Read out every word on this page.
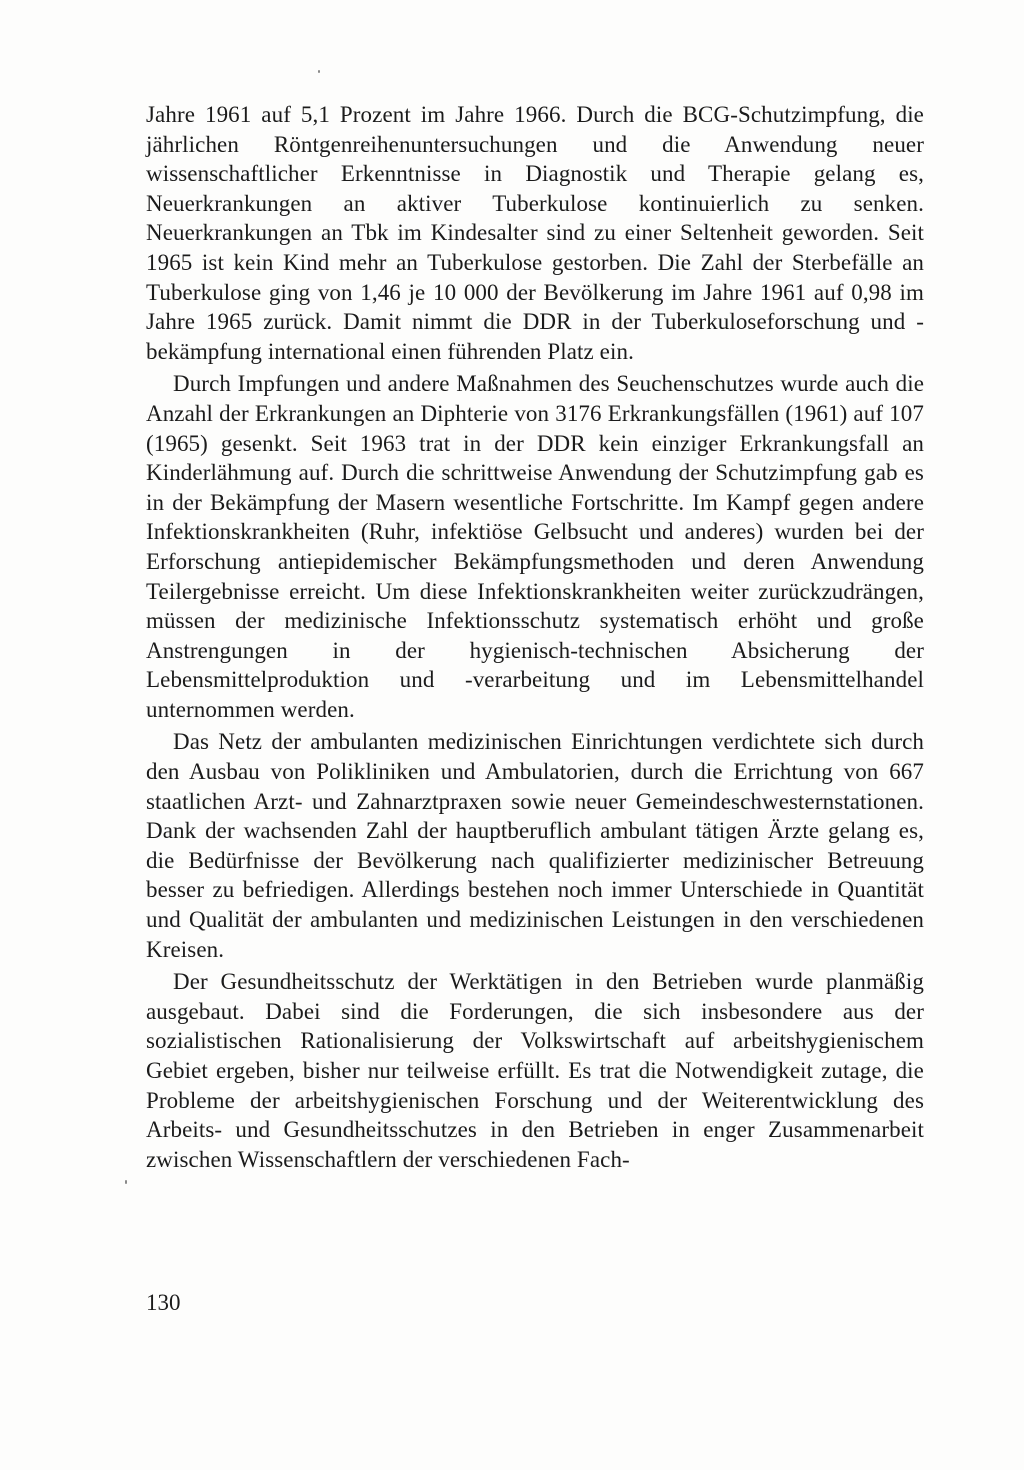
Jahre 1961 auf 5,1 Prozent im Jahre 1966. Durch die BCG-Schutzimpfung, die jährlichen Röntgenreihenuntersuchungen und die Anwendung neuer wissenschaftlicher Erkenntnisse in Diagnostik und Therapie gelang es, Neuerkrankungen an aktiver Tuberkulose kontinuierlich zu senken. Neuerkrankungen an Tbk im Kindesalter sind zu einer Seltenheit geworden. Seit 1965 ist kein Kind mehr an Tuberkulose gestorben. Die Zahl der Sterbefälle an Tuberkulose ging von 1,46 je 10 000 der Bevölkerung im Jahre 1961 auf 0,98 im Jahre 1965 zurück. Damit nimmt die DDR in der Tuberkuloseforschung und -bekämpfung international einen führenden Platz ein.

Durch Impfungen und andere Maßnahmen des Seuchenschutzes wurde auch die Anzahl der Erkrankungen an Diphterie von 3176 Erkrankungsfällen (1961) auf 107 (1965) gesenkt. Seit 1963 trat in der DDR kein einziger Erkrankungsfall an Kinderlähmung auf. Durch die schrittweise Anwendung der Schutzimpfung gab es in der Bekämpfung der Masern wesentliche Fortschritte. Im Kampf gegen andere Infektionskrankheiten (Ruhr, infektiöse Gelbsucht und anderes) wurden bei der Erforschung antiepidemischer Bekämpfungsmethoden und deren Anwendung Teilergebnisse erreicht. Um diese Infektionskrankheiten weiter zurückzudrängen, müssen der medizinische Infektionsschutz systematisch erhöht und große Anstrengungen in der hygienisch-technischen Absicherung der Lebensmittelproduktion und -verarbeitung und im Lebensmittelhandel unternommen werden.

Das Netz der ambulanten medizinischen Einrichtungen verdichtete sich durch den Ausbau von Polikliniken und Ambulatorien, durch die Errichtung von 667 staatlichen Arzt- und Zahnarztpraxen sowie neuer Gemeindeschwesternstationen. Dank der wachsenden Zahl der hauptberuflich ambulant tätigen Ärzte gelang es, die Bedürfnisse der Bevölkerung nach qualifizierter medizinischer Betreuung besser zu befriedigen. Allerdings bestehen noch immer Unterschiede in Quantität und Qualität der ambulanten und medizinischen Leistungen in den verschiedenen Kreisen.

Der Gesundheitsschutz der Werktätigen in den Betrieben wurde planmäßig ausgebaut. Dabei sind die Forderungen, die sich insbesondere aus der sozialistischen Rationalisierung der Volkswirtschaft auf arbeitshygienischem Gebiet ergeben, bisher nur teilweise erfüllt. Es trat die Notwendigkeit zutage, die Probleme der arbeitshygienischen Forschung und der Weiterentwicklung des Arbeits- und Gesundheitsschutzes in den Betrieben in enger Zusammenarbeit zwischen Wissenschaftlern der verschiedenen Fach-

130
